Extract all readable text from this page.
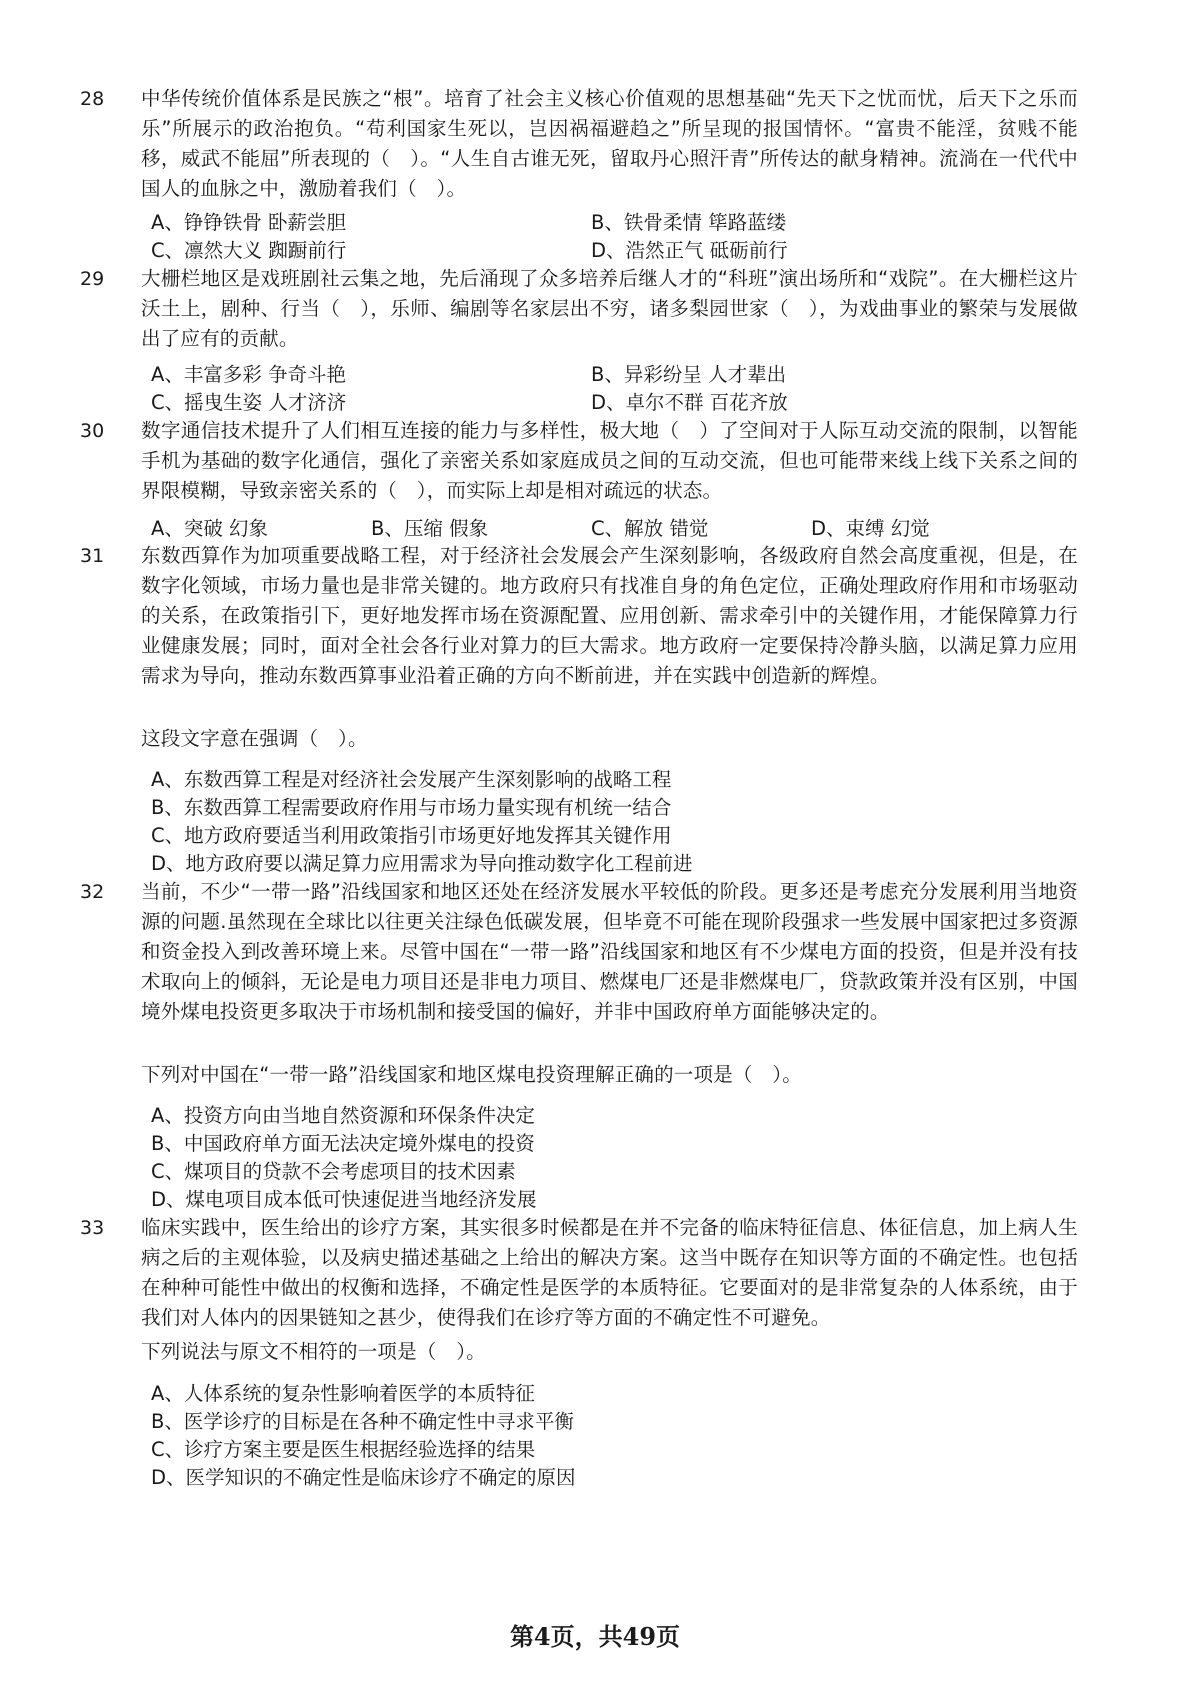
28	中华传统价值体系是民族之“根”。培育了社会主义核心价值观的思想基础“先天下之忧而忧，后天下之乐而乐”所展示的政治抱负。“苟利国家生死以，岂因祸福避趋之”所呈现的报国情怀。“富贵不能淫，贫贱不能移，威武不能屈”所表现的（　）。“人生自古谁无死，留取丹心照汗青”所传达的献身精神。流淌在一代代中国人的血脉之中，激励着我们（　）。

A、铮铮铁骨 卧薪尝胆	B、铁骨柔情 筚路蓝缕
C、凛然大义 踟蹰前行	D、浩然正气 砥砺前行
29	大栅栏地区是戏班剧社云集之地，先后涌现了众多培养后继人才的“科班”演出场所和“戏院”。在大栅栏这片沃土上，剧种、行当（　），乐师、编剧等名家层出不穷，诸多梨园世家（　），为戏曲事业的繁荣与发展做出了应有的贡献。

A、丰富多彩 争奇斗艳	B、异彩纷呈 人才辈出
C、摇曳生姿 人才济济	D、卓尔不群 百花齐放
30	数字通信技术提升了人们相互连接的能力与多样性，极大地（　）了空间对于人际互动交流的限制，以智能手机为基础的数字化通信，强化了亲密关系如家庭成员之间的互动交流，但也可能带来线上线下关系之间的界限模糊，导致亲密关系的（　），而实际上却是相对疏远的状态。

A、突破 幻象	B、压缩 假象	C、解放 错觉	D、束缚 幻觉
31	东数西算作为加项重要战略工程，对于经济社会发展会产生深刻影响，各级政府自然会高度重视，但是，在数字化领域，市场力量也是非常关键的。地方政府只有找准自身的角色定位，正确处理政府作用和市场驱动的关系，在政策指引下，更好地发挥市场在资源配置、应用创新、需求牵引中的关键作用，才能保障算力行业健康发展；同时，面对全社会各行业对算力的巨大需求。地方政府一定要保持冷静头脑，以满足算力应用需求为导向，推动东数西算事业沿着正确的方向不断前进，并在实践中创造新的辉煌。

这段文字意在强调（　）。

A、东数西算工程是对经济社会发展产生深刻影响的战略工程
B、东数西算工程需要政府作用与市场力量实现有机统一结合
C、地方政府要适当利用政策指引市场更好地发挥其关键作用
D、地方政府要以满足算力应用需求为导向推动数字化工程前进
32	当前，不少“一带一路”沿线国家和地区还处在经济发展水平较低的阶段。更多还是考虑充分发展利用当地资源的问题.虽然现在全球比以往更关注绿色低碳发展，但毕竟不可能在现阶段强求一些发展中国家把过多资源和资金投入到改善环境上来。尽管中国在“一带一路”沿线国家和地区有不少煤电方面的投资，但是并没有技术取向上的倾斜，无论是电力项目还是非电力项目、燃煤电厂还是非燃煤电厂，贷款政策并没有区别，中国境外煤电投资更多取决于市场机制和接受国的偏好，并非中国政府单方面能够决定的。

下列对中国在“一带一路”沿线国家和地区煤电投资理解正确的一项是（　）。

A、投资方向由当地自然资源和环保条件决定
B、中国政府单方面无法决定境外煤电的投资
C、煤项目的贷款不会考虑项目的技术因素
D、煤电项目成本低可快速促进当地经济发展
33	临床实践中，医生给出的诊疗方案，其实很多时候都是在并不完备的临床特征信息、体征信息，加上病人生病之后的主观体验，以及病史描述基础之上给出的解决方案。这当中既存在知识等方面的不确定性。也包括在种种可能性中做出的权衡和选择，不确定性是医学的本质特征。它要面对的是非常复杂的人体系统，由于我们对人体内的因果链知之甚少，使得我们在诊疗等方面的不确定性不可避免。

下列说法与原文不相符的一项是（　）。

A、人体系统的复杂性影响着医学的本质特征
B、医学诊疗的目标是在各种不确定性中寻求平衡
C、诊疗方案主要是医生根据经验选择的结果
D、医学知识的不确定性是临床诊疗不确定的原因
第4页，共49页
